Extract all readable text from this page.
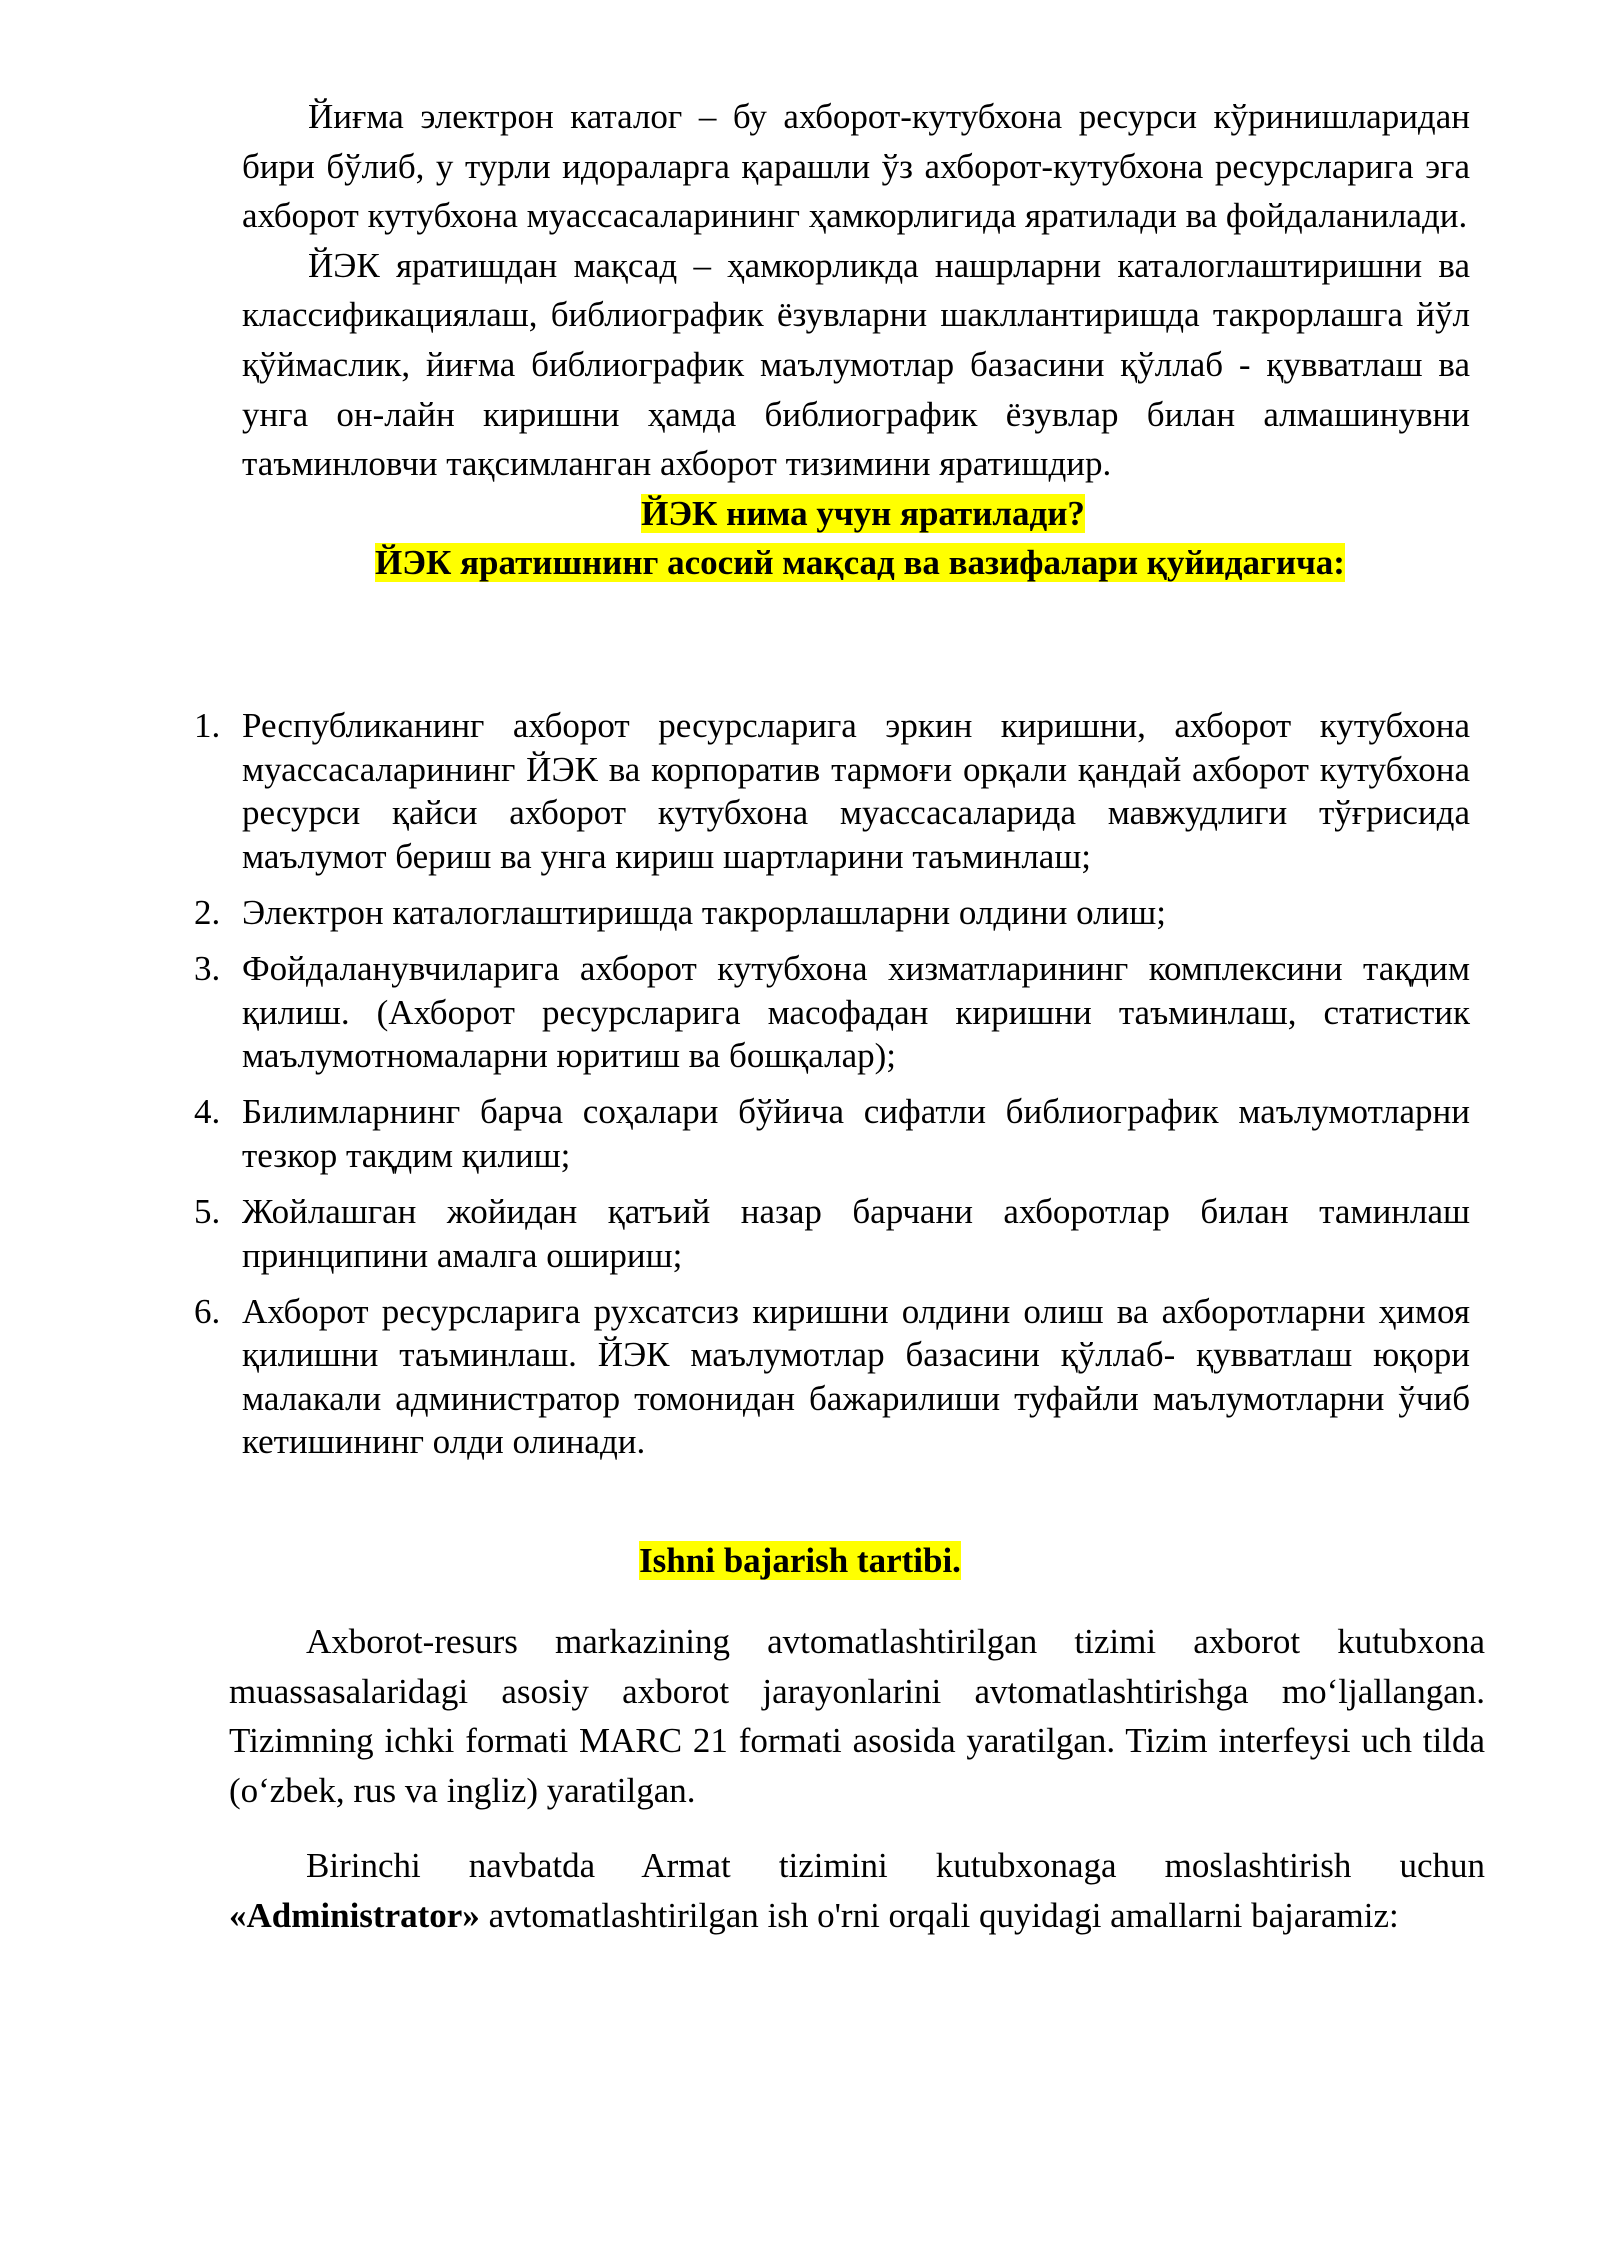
Йиғма электрон каталог – бу ахборот-кутубхона ресурси кўринишларидан бири бўлиб, у турли идораларга қарашли ўз ахборот-кутубхона ресурсларига эга ахборот кутубхона муассасаларининг ҳамкорлигида яратилади ва фойдаланилади.

ЙЭК яратишдан мақсад – ҳамкорликда нашрларни каталоглаштиришни ва классификациялаш, библиографик ёзувларни шакллантиришда такрорлашга йўл қўймаслик, йиғма библиографик маълумотлар базасини қўллаб - қувватлаш ва унга он-лайн киришни ҳамда библиографик ёзувлар билан алмашинувни таъминловчи тақсимланган ахборот тизимини яратишдир.

ЙЭК нима учун яратилади?

ЙЭК яратишнинг асосий мақсад ва вазифалари қуйидагича:

1. Республиканинг ахборот ресурсларига эркин киришни, ахборот кутубхона муассасаларининг ЙЭК ва корпоратив тармоғи орқали қандай ахборот кутубхона ресурси қайси ахборот кутубхона муассасаларида мавжудлиги тўғрисида маълумот бериш ва унга кириш шартларини таъминлаш;
2. Электрон каталоглаштиришда такрорлашларни олдини олиш;
3. Фойдаланувчиларига ахборот кутубхона хизматларининг комплексини тақдим қилиш. (Ахборот ресурсларига масофадан киришни таъминлаш, статистик маълумотномаларни юритиш ва бошқалар);
4. Билимларнинг барча соҳалари бўйича сифатли библиографик маълумотларни тезкор тақдим қилиш;
5. Жойлашган жойидан қатъий назар барчани ахборотлар билан таминлаш принципини амалга ошириш;
6. Ахборот ресурсларига рухсатсиз киришни олдини олиш ва ахборотларни ҳимоя қилишни таъминлаш. ЙЭК маълумотлар базасини қўллаб- қувватлаш юқори малакали администратор томонидан бажарилиши туфайли маълумотларни ўчиб кетишининг олди олинади.

Ishni bajarish tartibi.

Axborot-resurs markazining avtomatlashtirilgan tizimi axborot kutubxona muassasalaridagi asosiy axborot jarayonlarini avtomatlashtirishga mo‘ljallangan. Tizimning ichki formati MARC 21 formati asosida yaratilgan. Tizim interfeysi uch tilda (o‘zbek, rus va ingliz) yaratilgan.

Birinchi navbatda Armat tizimini kutubxonaga moslashtirish uchun «Administrator» avtomatlashtirilgan ish o'rni orqali quyidagi amallarni bajaramiz:
